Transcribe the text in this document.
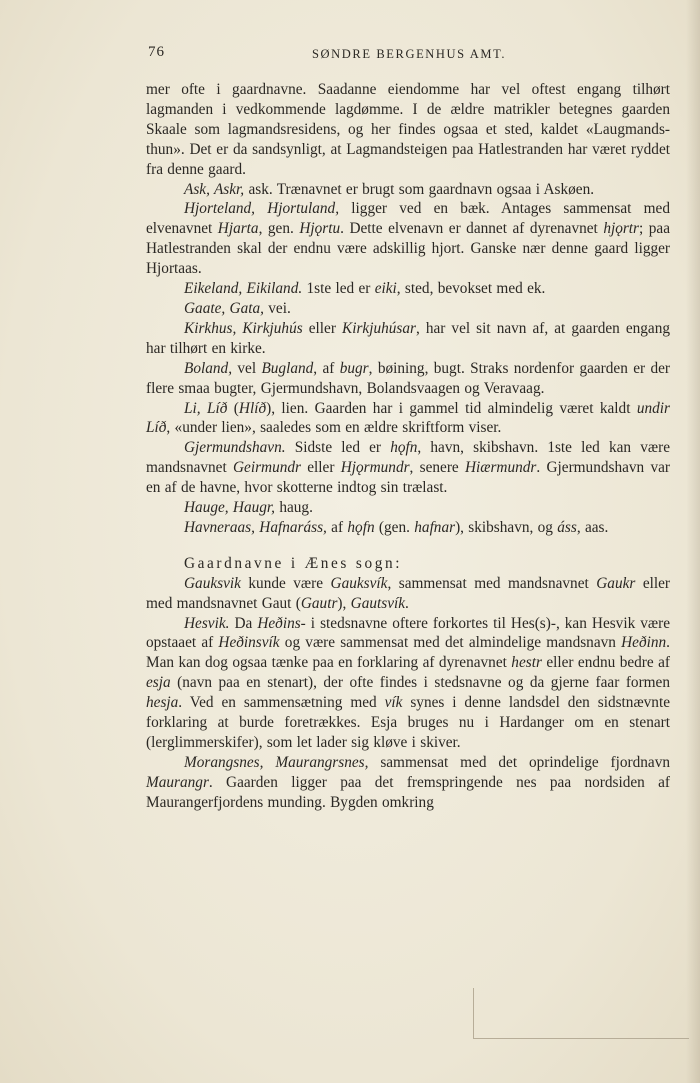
76	SØNDRE BERGENHUS AMT.

mer ofte i gaardnavne. Saadanne eiendomme har vel oftest engang tilhørt lagmanden i vedkommende lagdømme. I de ældre matrikler betegnes gaarden Skaale som lagmandsresidens, og her findes ogsaa et sted, kaldet «Laugmands-thun». Det er da sandsynligt, at Lagmandsteigen paa Hatlestranden har været ryddet fra denne gaard.

Ask, Askr, ask. Trænavnet er brugt som gaardnavn ogsaa i Askøen.

Hjorteland, Hjortuland, ligger ved en bæk. Antages sammensat med elvenavnet Hjarta, gen. Hjǫrtu. Dette elvenavn er dannet af dyrenavnet hjǫrtr; paa Hatlestranden skal der endnu være adskillig hjort. Ganske nær denne gaard ligger Hjortaas.

Eikeland, Eikiland. 1ste led er eiki, sted, bevokset med ek.

Gaate, Gata, vei.

Kirkhus, Kirkjuhús eller Kirkjuhúsar, har vel sit navn af, at gaarden engang har tilhørt en kirke.

Boland, vel Bugland, af bugr, bøining, bugt. Straks nordenfor gaarden er der flere smaa bugter, Gjermundshavn, Bolandsvaagen og Veravaag.

Li, Líð (Hlíð), lien. Gaarden har i gammel tid almindelig været kaldt undir Líð, «under lien», saaledes som en ældre skriftform viser.

Gjermundshavn. Sidste led er hǫfn, havn, skibshavn. 1ste led kan være mandsnavnet Geirmundr eller Hjǫrmundr, senere Hiærmundr. Gjermundshavn var en af de havne, hvor skotterne indtog sin trælast.

Hauge, Haugr, haug.

Havneraas, Hafnaráss, af hǫfn (gen. hafnar), skibshavn, og áss, aas.

Gaardnavne i Ænes sogn:

Gauksvik kunde være Gauksvík, sammensat med mandsnavnet Gaukr eller med mandsnavnet Gaut (Gautr), Gautsvík.

Hesvik. Da Heðins- i stedsnavne oftere forkortes til Hes(s)-, kan Hesvik være opstaaet af Heðinsvík og være sammensat med det almindelige mandsnavn Heðinn. Man kan dog ogsaa tænke paa en forklaring af dyrenavnet hestr eller endnu bedre af esja (navn paa en stenart), der ofte findes i stedsnavne og da gjerne faar formen hesja. Ved en sammensætning med vík synes i denne landsdel den sidstnævnte forklaring at burde foretrækkes. Esja bruges nu i Hardanger om en stenart (lerglimmerskifer), som let lader sig kløve i skiver.

Morangsnes, Maurangrsnes, sammensat med det oprindelige fjordnavn Maurangr. Gaarden ligger paa det fremspringende nes paa nordsiden af Maurangerfjordens munding. Bygden omkring
